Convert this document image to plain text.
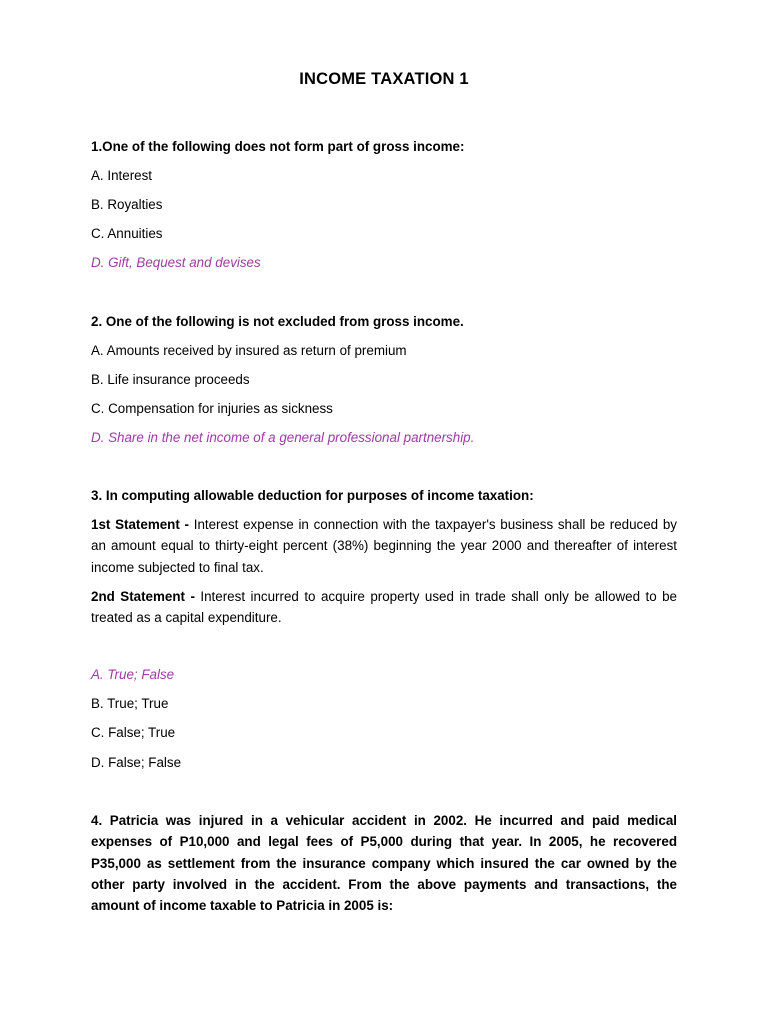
INCOME TAXATION 1
1.One of the following does not form part of gross income:
A. Interest
B. Royalties
C. Annuities
D. Gift, Bequest and devises
2. One of the following is not excluded from gross income.
A. Amounts received by insured as return of premium
B. Life insurance proceeds
C. Compensation for injuries as sickness
D. Share in the net income of a general professional partnership.
3. In computing allowable deduction for purposes of income taxation:
1st Statement - Interest expense in connection with the taxpayer's business shall be reduced by an amount equal to thirty-eight percent (38%) beginning the year 2000 and thereafter of interest income subjected to final tax.
2nd Statement - Interest incurred to acquire property used in trade shall only be allowed to be treated as a capital expenditure.
A. True; False
B. True; True
C. False; True
D. False; False
4. Patricia was injured in a vehicular accident in 2002. He incurred and paid medical expenses of P10,000 and legal fees of P5,000 during that year. In 2005, he recovered P35,000 as settlement from the insurance company which insured the car owned by the other party involved in the accident. From the above payments and transactions, the amount of income taxable to Patricia in 2005 is:
